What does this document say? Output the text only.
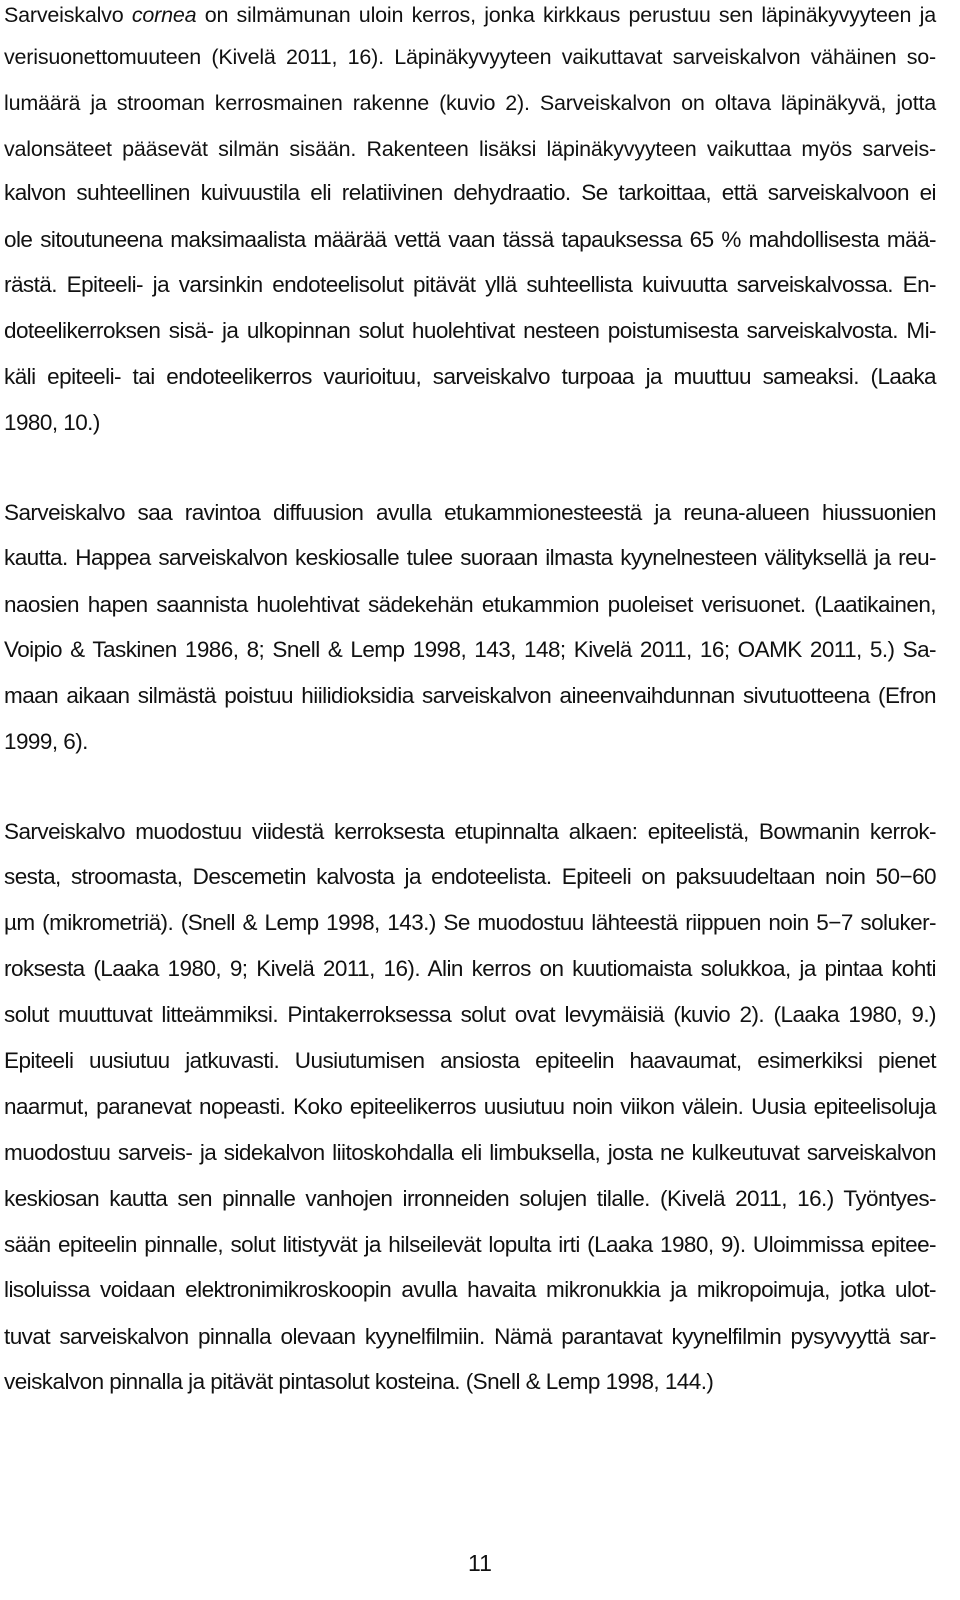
Sarveiskalvo cornea on silmämunan uloin kerros, jonka kirkkaus perustuu sen läpinäkyvyyteen ja
verisuonettomuuteen (Kivelä 2011, 16). Läpinäkyvyyteen vaikuttavat sarveiskalvon vähäinen so-
lumäärä ja strooman kerrosmainen rakenne (kuvio 2). Sarveiskalvon on oltava läpinäkyvä, jotta
valonsäteet pääsevät silmän sisään. Rakenteen lisäksi läpinäkyvyyteen vaikuttaa myös sarveis-
kalvon suhteellinen kuivuustila eli relatiivinen dehydraatio. Se tarkoittaa, että sarveiskalvoon ei
ole sitoutuneena maksimaalista määrää vettä vaan tässä tapauksessa 65 % mahdollisesta mää-
rästä. Epiteeli- ja varsinkin endoteelisolut pitävät yllä suhteellista kuivuutta sarveiskalvossa. En-
doteelikerroksen sisä- ja ulkopinnan solut huolehtivat nesteen poistumisesta sarveiskalvosta. Mi-
käli epiteeli- tai endoteelikerros vaurioituu, sarveiskalvo turpoaa ja muuttuu sameaksi. (Laaka
1980, 10.)
Sarveiskalvo saa ravintoa diffuusion avulla etukammionesteestä ja reuna-alueen hiussuonien
kautta. Happea sarveiskalvon keskiosalle tulee suoraan ilmasta kyynelnesteen välityksellä ja reu-
naosien hapen saannista huolehtivat sädekehän etukammion puoleiset verisuonet. (Laatikainen,
Voipio & Taskinen 1986, 8; Snell & Lemp 1998, 143, 148; Kivelä 2011, 16; OAMK 2011, 5.) Sa-
maan aikaan silmästä poistuu hiilidioksidia sarveiskalvon aineenvaihdunnan sivutuotteena (Efron
1999, 6).
Sarveiskalvo muodostuu viidestä kerroksesta etupinnalta alkaen: epiteelistä, Bowmanin kerrok-
sesta, stroomasta, Descemetin kalvosta ja endoteelista. Epiteeli on paksuudeltaan noin 50−60
µm (mikrometriä). (Snell & Lemp 1998, 143.) Se muodostuu lähteestä riippuen noin 5−7 soluker-
roksesta (Laaka 1980, 9; Kivelä 2011, 16). Alin kerros on kuutiomaista solukkoa, ja pintaa kohti
solut muuttuvat litteämmiksi. Pintakerroksessa solut ovat levymäisiä (kuvio 2). (Laaka 1980, 9.)
Epiteeli uusiutuu jatkuvasti. Uusiutumisen ansiosta epiteelin haavaumat, esimerkiksi pienet
naarmut, paranevat nopeasti. Koko epiteelikerros uusiutuu noin viikon välein. Uusia epiteelisoluja
muodostuu sarveis- ja sidekalvon liitoskohdalla eli limbuksella, josta ne kulkeutuvat sarveiskalvon
keskiosan kautta sen pinnalle vanhojen irronneiden solujen tilalle. (Kivelä 2011, 16.) Työntyes-
sään epiteelin pinnalle, solut litistyvät ja hilseilevät lopulta irti (Laaka 1980, 9). Uloimmissa epitee-
lisoluissa voidaan elektronimikroskoopin avulla havaita mikronukkia ja mikropoimuja, jotka ulot-
tuvat sarveiskalvon pinnalla olevaan kyynelfilmiin. Nämä parantavat kyynelfilmin pysyvyyttä sar-
veiskalvon pinnalla ja pitävät pintasolut kosteina. (Snell & Lemp 1998, 144.)
11
